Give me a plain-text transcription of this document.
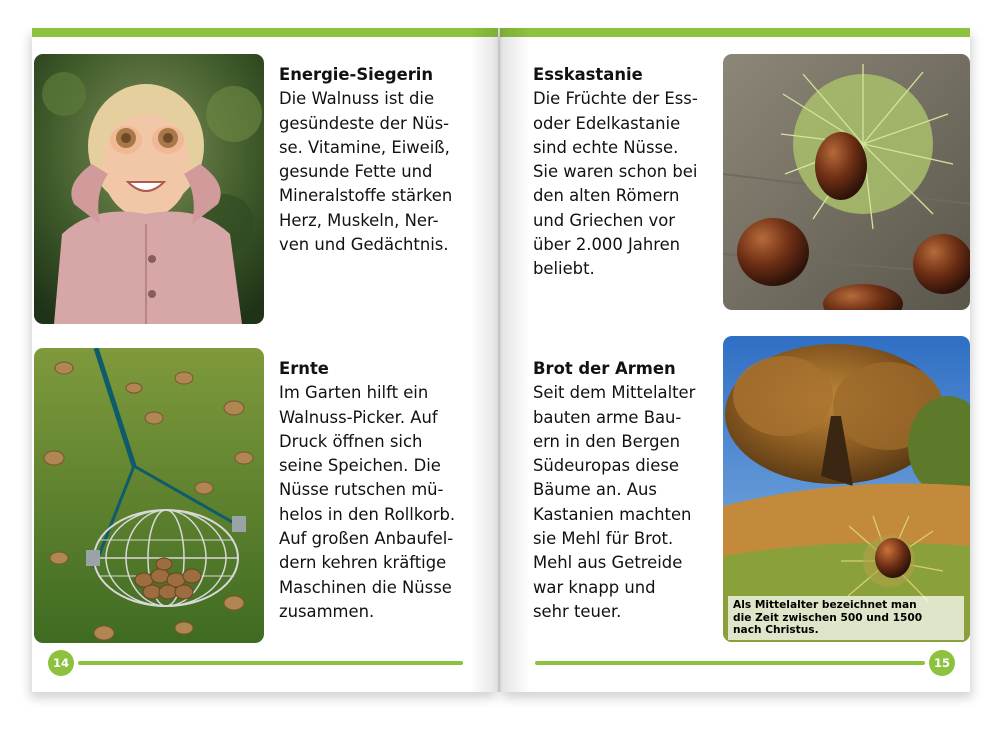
Energie-Siegerin
Die Walnuss ist die
gesündeste der Nüs-
se. Vitamine, Eiweiß,
gesunde Fette und
Mineralstoffe stärken
Herz, Muskeln, Ner-
ven und Gedächtnis.
Ernte
Im Garten hilft ein
Walnuss-Picker. Auf
Druck öffnen sich
seine Speichen. Die
Nüsse rutschen mü-
helos in den Rollkorb.
Auf großen Anbaufel-
dern kehren kräftige
Maschinen die Nüsse
zusammen.
14
Esskastanie
Die Früchte der Ess-
oder Edelkastanie
sind echte Nüsse.
Sie waren schon bei
den alten Römern
und Griechen vor
über 2.000 Jahren
beliebt.
Brot der Armen
Seit dem Mittelalter
bauten arme Bau-
ern in den Bergen
Südeuropas diese
Bäume an. Aus
Kastanien machten
sie Mehl für Brot.
Mehl aus Getreide
war knapp und
sehr teuer.	Als Mittelalter bezeichnet man
die Zeit zwischen 500 und 1500
nach Christus.
15
